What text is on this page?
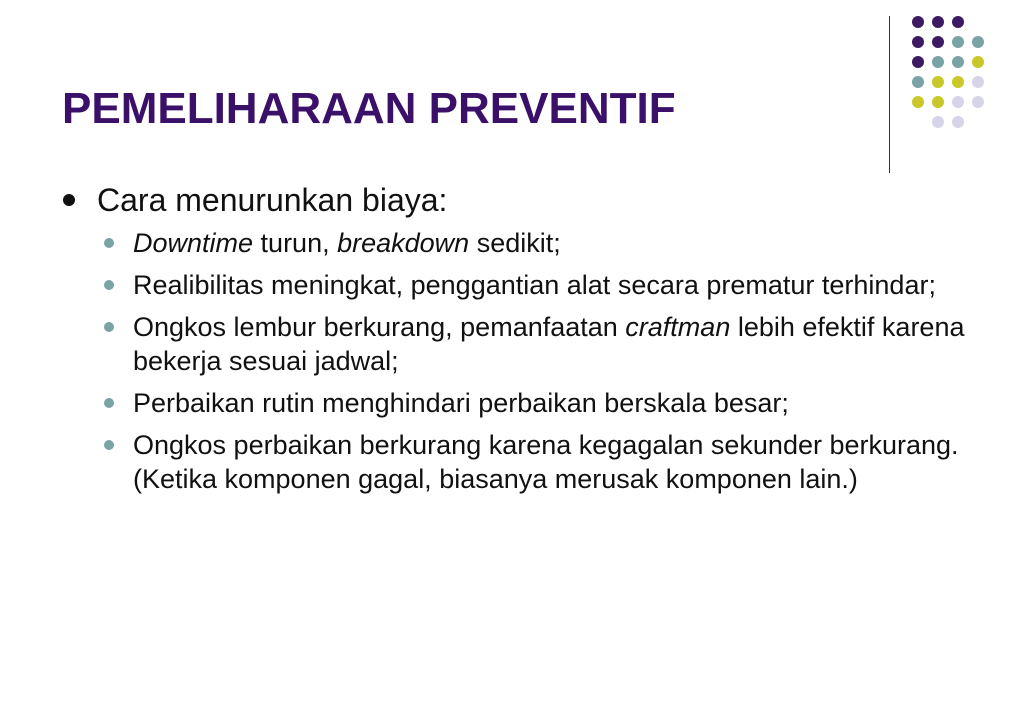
PEMELIHARAAN PREVENTIF
Cara menurunkan biaya:
Downtime turun, breakdown sedikit;
Realibilitas meningkat, penggantian alat secara prematur terhindar;
Ongkos lembur berkurang, pemanfaatan craftman lebih efektif karena bekerja sesuai jadwal;
Perbaikan rutin menghindari perbaikan berskala besar;
Ongkos perbaikan berkurang karena kegagalan sekunder berkurang. (Ketika komponen gagal, biasanya merusak komponen lain.)
